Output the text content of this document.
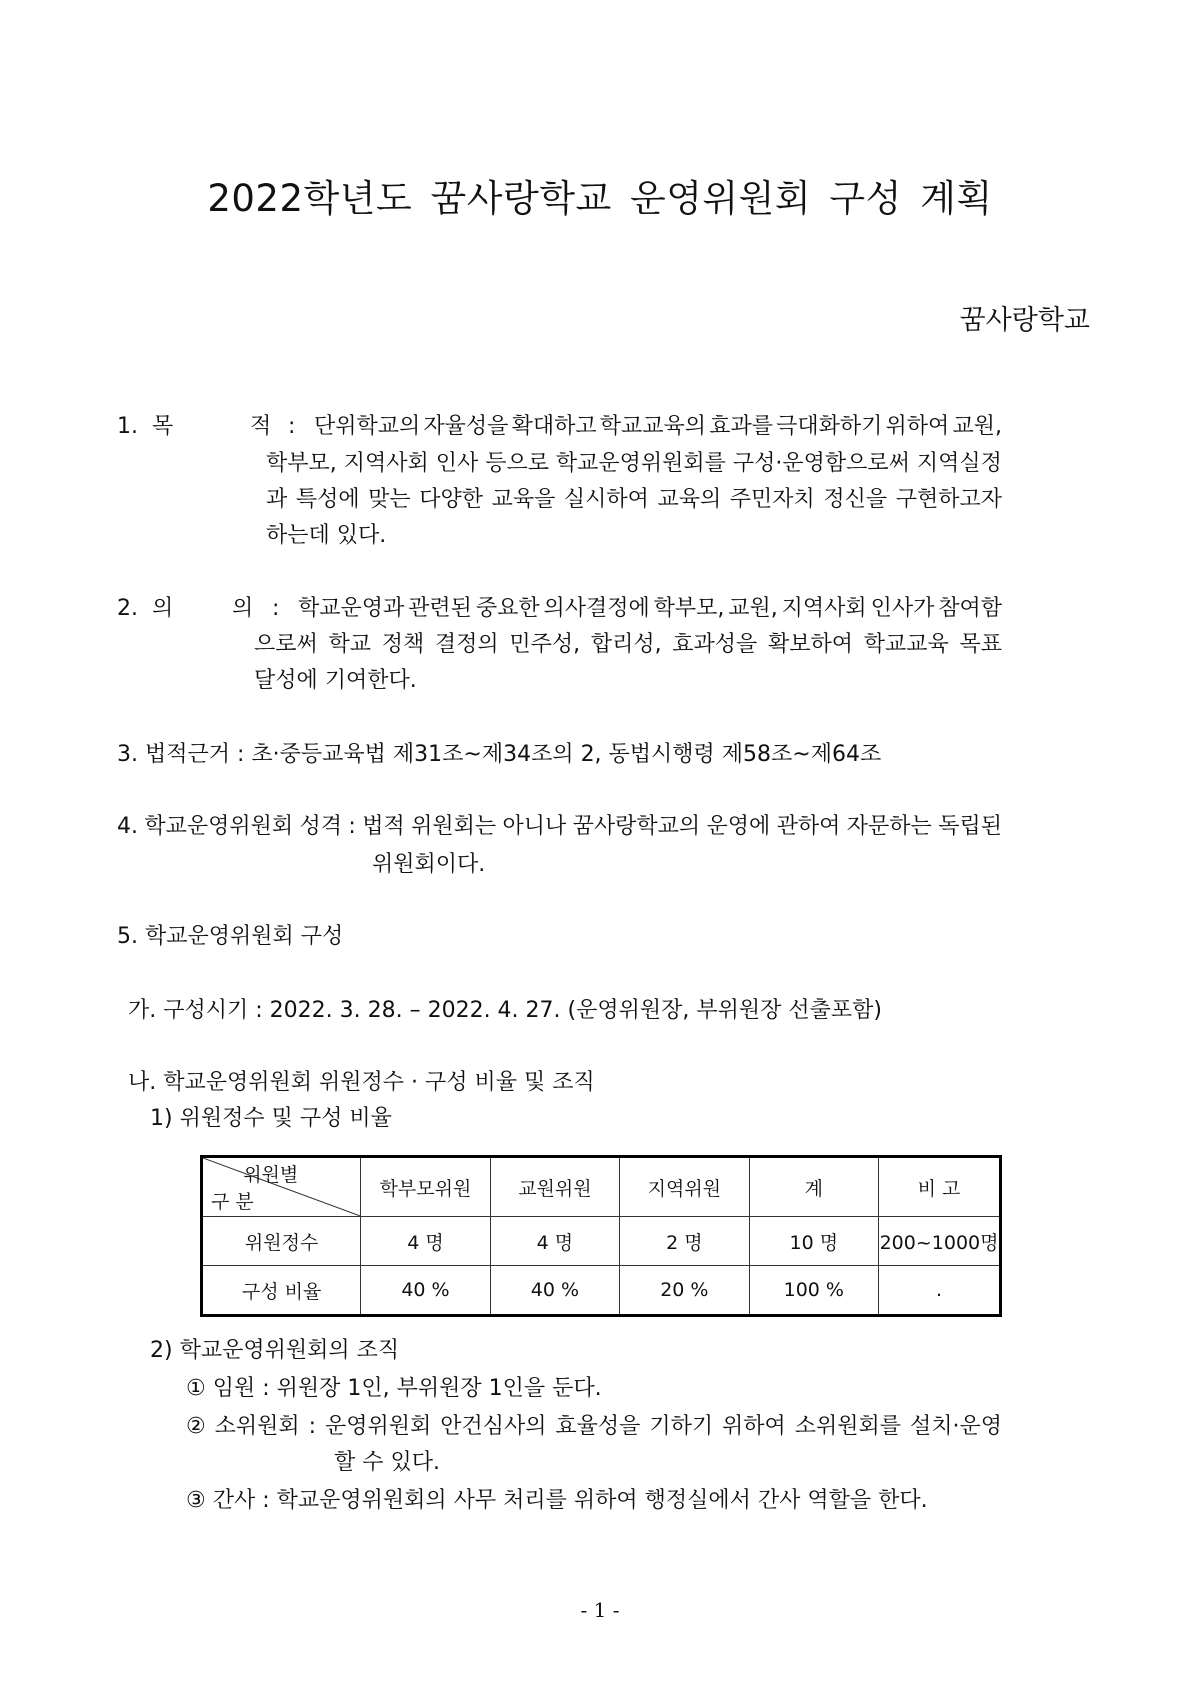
2022학년도 꿈사랑학교 운영위원회 구성 계획
꿈사랑학교
1. 목	적 : 단위학교의 자율성을 확대하고 학교교육의 효과를 극대화하기 위하여 교원,
학부모, 지역사회 인사 등으로 학교운영위원회를 구성·운영함으로써 지역실정
과 특성에 맞는 다양한 교육을 실시하여 교육의 주민자치 정신을 구현하고자
하는데 있다.
2. 의	의 : 학교운영과 관련된 중요한 의사결정에 학부모, 교원, 지역사회 인사가 참여함
으로써 학교 정책 결정의 민주성, 합리성, 효과성을 확보하여 학교교육 목표
달성에 기여한다.
3. 법적근거 : 초·중등교육법 제31조~제34조의 2, 동법시행령 제58조~제64조
4. 학교운영위원회 성격 : 법적 위원회는 아니나 꿈사랑학교의 운영에 관하여 자문하는 독립된
위원회이다.
5. 학교운영위원회 구성
가. 구성시기 : 2022. 3. 28. – 2022. 4. 27. (운영위원장, 부위원장 선출포함)
나. 학교운영위원회 위원정수 · 구성 비율 및 조직
1) 위원정수 및 구성 비율
위원별
구 분	학부모위원	교원위원	지역위원	계	비 고
위원정수	4 명	4 명	2 명	10 명	200~1000명
구성 비율	40 %	40 %	20 %	100 %	.
2) 학교운영위원회의 조직
① 임원 : 위원장 1인, 부위원장 1인을 둔다.
② 소위원회 : 운영위원회 안건심사의 효율성을 기하기 위하여 소위원회를 설치·운영
할 수 있다.
③ 간사 : 학교운영위원회의 사무 처리를 위하여 행정실에서 간사 역할을 한다.
- 1 -
